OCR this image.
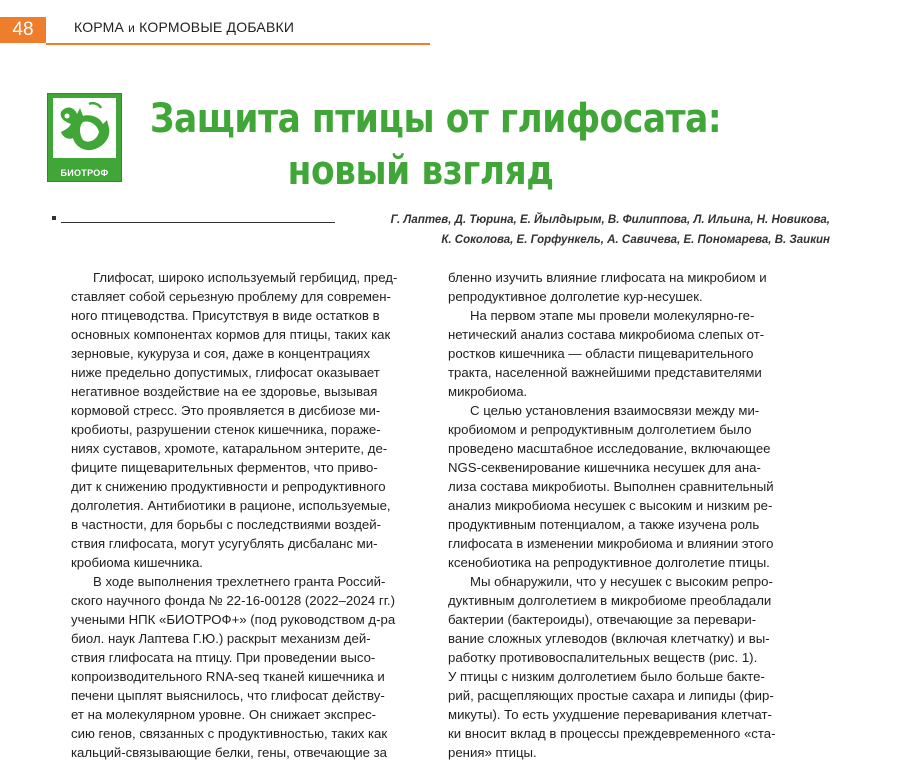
48	КОРМА и КОРМОВЫЕ ДОБАВКИ
БИОТРОФ
Защита птицы от глифосата:
новый взгляд
Г. Лаптев, Д. Тюрина, Е. Йылдырым, В. Филиппова, Л. Ильина, Н. Новикова,
К. Соколова, Е. Горфункель, А. Савичева, Е. Пономарева, В. Заикин
Глифосат, широко используемый гербицид, пред-
ставляет собой серьезную проблему для современ-
ного птицеводства. Присутствуя в виде остатков в
основных компонентах кормов для птицы, таких как
зерновые, кукуруза и соя, даже в концентрациях
ниже предельно допустимых, глифосат оказывает
негативное воздействие на ее здоровье, вызывая
кормовой стресс. Это проявляется в дисбиозе ми-
кробиоты, разрушении стенок кишечника, пораже-
ниях суставов, хромоте, катаральном энтерите, де-
фиците пищеварительных ферментов, что приво-
дит к снижению продуктивности и репродуктивного
долголетия. Антибиотики в рационе, используемые,
в частности, для борьбы с последствиями воздей-
ствия глифосата, могут усугублять дисбаланс ми-
кробиома кишечника.
В ходе выполнения трехлетнего гранта Россий-
ского научного фонда № 22-16-00128 (2022–2024 гг.)
учеными НПК «БИОТРОФ+» (под руководством д-ра
биол. наук Лаптева Г.Ю.) раскрыт механизм дей-
ствия глифосата на птицу. При проведении высо-
копроизводительного RNA-seq тканей кишечника и
печени цыплят выяснилось, что глифосат действу-
ет на молекулярном уровне. Он снижает экспрес-
сию генов, связанных с продуктивностью, таких как
кальций-связывающие белки, гены, отвечающие за
бленно изучить влияние глифосата на микробиом и
репродуктивное долголетие кур-несушек.
На первом этапе мы провели молекулярно-ге-
нетический анализ состава микробиома слепых от-
ростков кишечника — области пищеварительного
тракта, населенной важнейшими представителями
микробиома.
С целью установления взаимосвязи между ми-
кробиомом и репродуктивным долголетием было
проведено масштабное исследование, включающее
NGS-секвенирование кишечника несушек для ана-
лиза состава микробиоты. Выполнен сравнительный
анализ микробиома несушек с высоким и низким ре-
продуктивным потенциалом, а также изучена роль
глифосата в изменении микробиома и влиянии этого
ксенобиотика на репродуктивное долголетие птицы.
Мы обнаружили, что у несушек с высоким репро-
дуктивным долголетием в микробиоме преобладали
бактерии (бактероиды), отвечающие за перевари-
вание сложных углеводов (включая клетчатку) и вы-
работку противовоспалительных веществ (рис. 1).
У птицы с низким долголетием было больше бакте-
рий, расщепляющих простые сахара и липиды (фир-
микуты). То есть ухудшение переваривания клетчат-
ки вносит вклад в процессы преждевременного «ста-
рения» птицы.
